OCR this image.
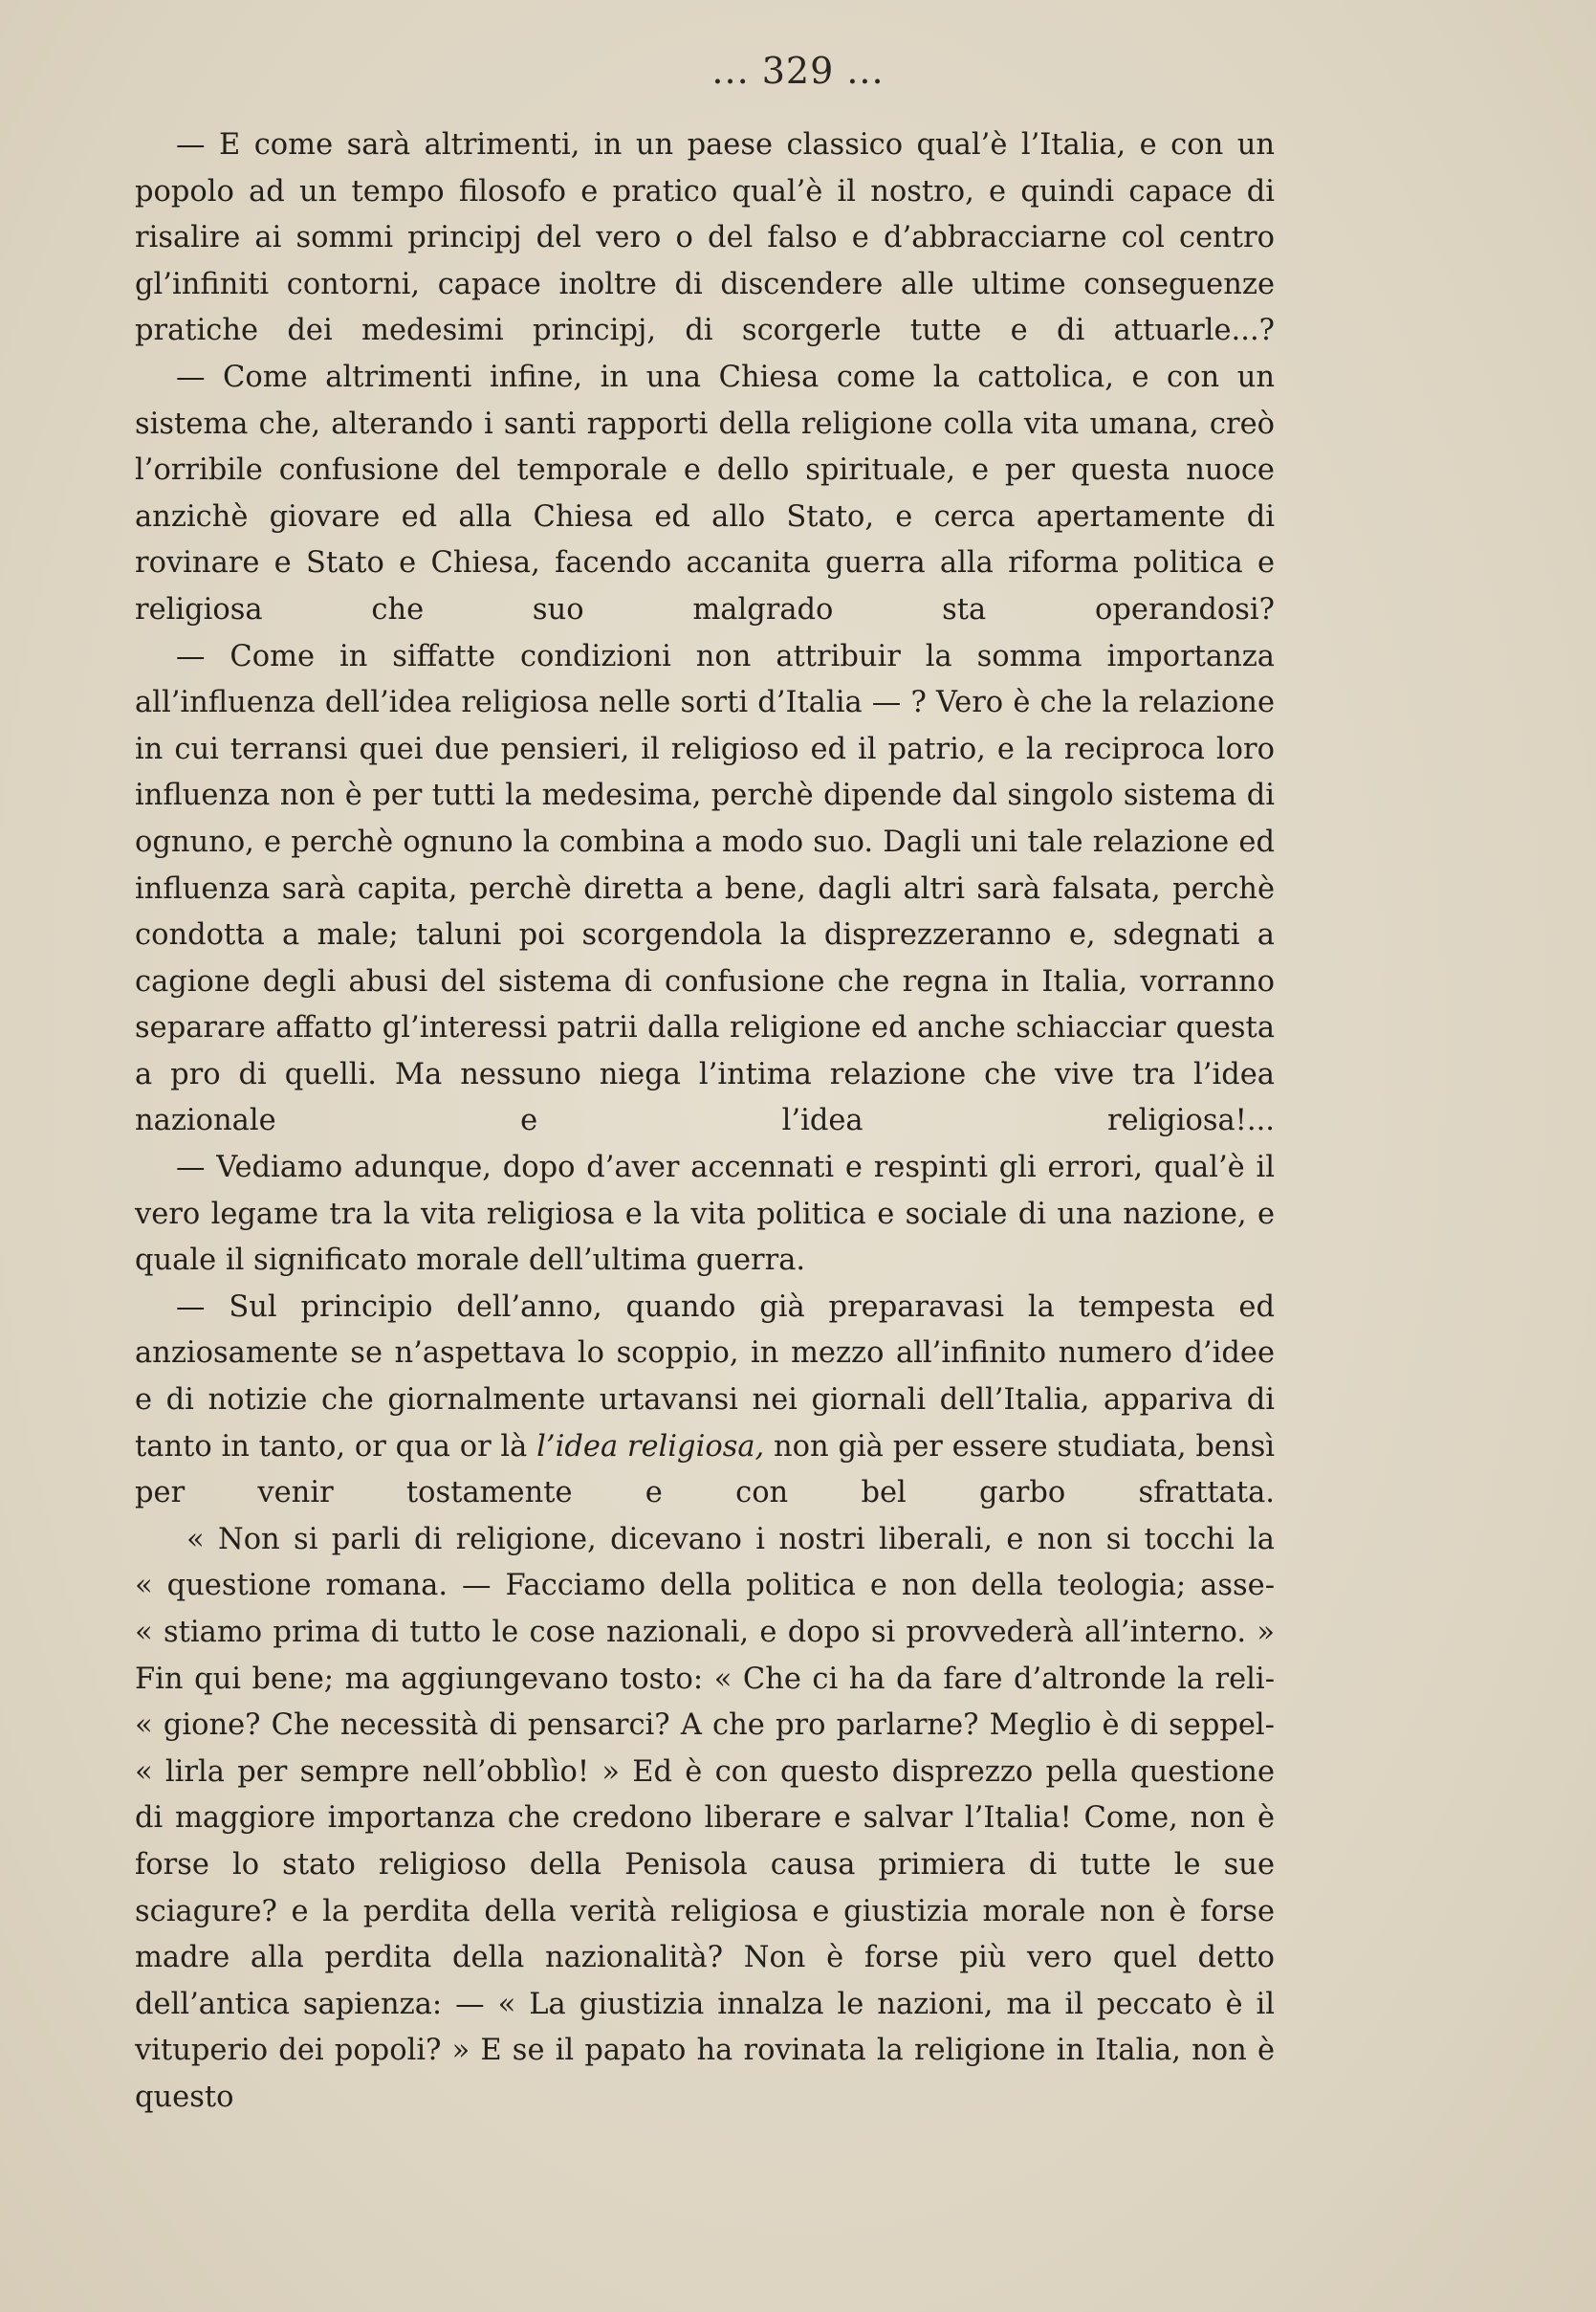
... 329 ...

— E come sarà altrimenti, in un paese classico qual’è l’Italia, e con un popolo ad un tempo filosofo e pratico qual’è il nostro, e quindi capace di risalire ai sommi principj del vero o del falso e d’abbracciarne col centro gl’infiniti contorni, capace inoltre di discendere alle ultime conseguenze pratiche dei medesimi principj, di scorgerle tutte e di attuarle...?

— Come altrimenti infine, in una Chiesa come la cattolica, e con un sistema che, alterando i santi rapporti della religione colla vita umana, creò l’orribile confusione del temporale e dello spirituale, e per questa nuoce anzichè giovare ed alla Chiesa ed allo Stato, e cerca apertamente di rovinare e Stato e Chiesa, facendo accanita guerra alla riforma politica e religiosa che suo malgrado sta operandosi?

— Come in siffatte condizioni non attribuir la somma importanza all’influenza dell’idea religiosa nelle sorti d’Italia — ? Vero è che la relazione in cui terransi quei due pensieri, il religioso ed il patrio, e la reciproca loro influenza non è per tutti la medesima, perchè dipende dal singolo sistema di ognuno, e perchè ognuno la combina a modo suo. Dagli uni tale relazione ed influenza sarà capita, perchè diretta a bene, dagli altri sarà falsata, perchè condotta a male; taluni poi scorgendola la disprezzeranno e, sdegnati a cagione degli abusi del sistema di confusione che regna in Italia, vorranno separare affatto gl’interessi patrii dalla religione ed anche schiacciar questa a pro di quelli. Ma nessuno niega l’intima relazione che vive tra l’idea nazionale e l’idea religiosa!...

— Vediamo adunque, dopo d’aver accennati e respinti gli errori, qual’è il vero legame tra la vita religiosa e la vita politica e sociale di una nazione, e quale il significato morale dell’ultima guerra.

— Sul principio dell’anno, quando già preparavasi la tempesta ed anziosamente se n’aspettava lo scoppio, in mezzo all’infinito numero d’idee e di notizie che giornalmente urtavansi nei giornali dell’Italia, appariva di tanto in tanto, or qua or là l’idea religiosa, non già per essere studiata, bensì per venir tostamente e con bel garbo sfrattata.

« Non si parli di religione, dicevano i nostri liberali, e non si tocchi la

« questione romana. — Facciamo della politica e non della teologia; asse-

« stiamo prima di tutto le cose nazionali, e dopo si provvederà all’interno. »

Fin qui bene; ma aggiungevano tosto: « Che ci ha da fare d’altronde la reli-

« gione? Che necessità di pensarci? A che pro parlarne? Meglio è di seppel-

« lirla per sempre nell’obblìo! » Ed è con questo disprezzo pella questione

di maggiore importanza che credono liberare e salvar l’Italia! Come, non è forse lo stato religioso della Penisola causa primiera di tutte le sue sciagure? e la perdita della verità religiosa e giustizia morale non è forse madre alla perdita della nazionalità? Non è forse più vero quel detto dell’antica sapienza: — « La giustizia innalza le nazioni, ma il peccato è il vituperio dei popoli? » E se il papato ha rovinata la religione in Italia, non è questo
